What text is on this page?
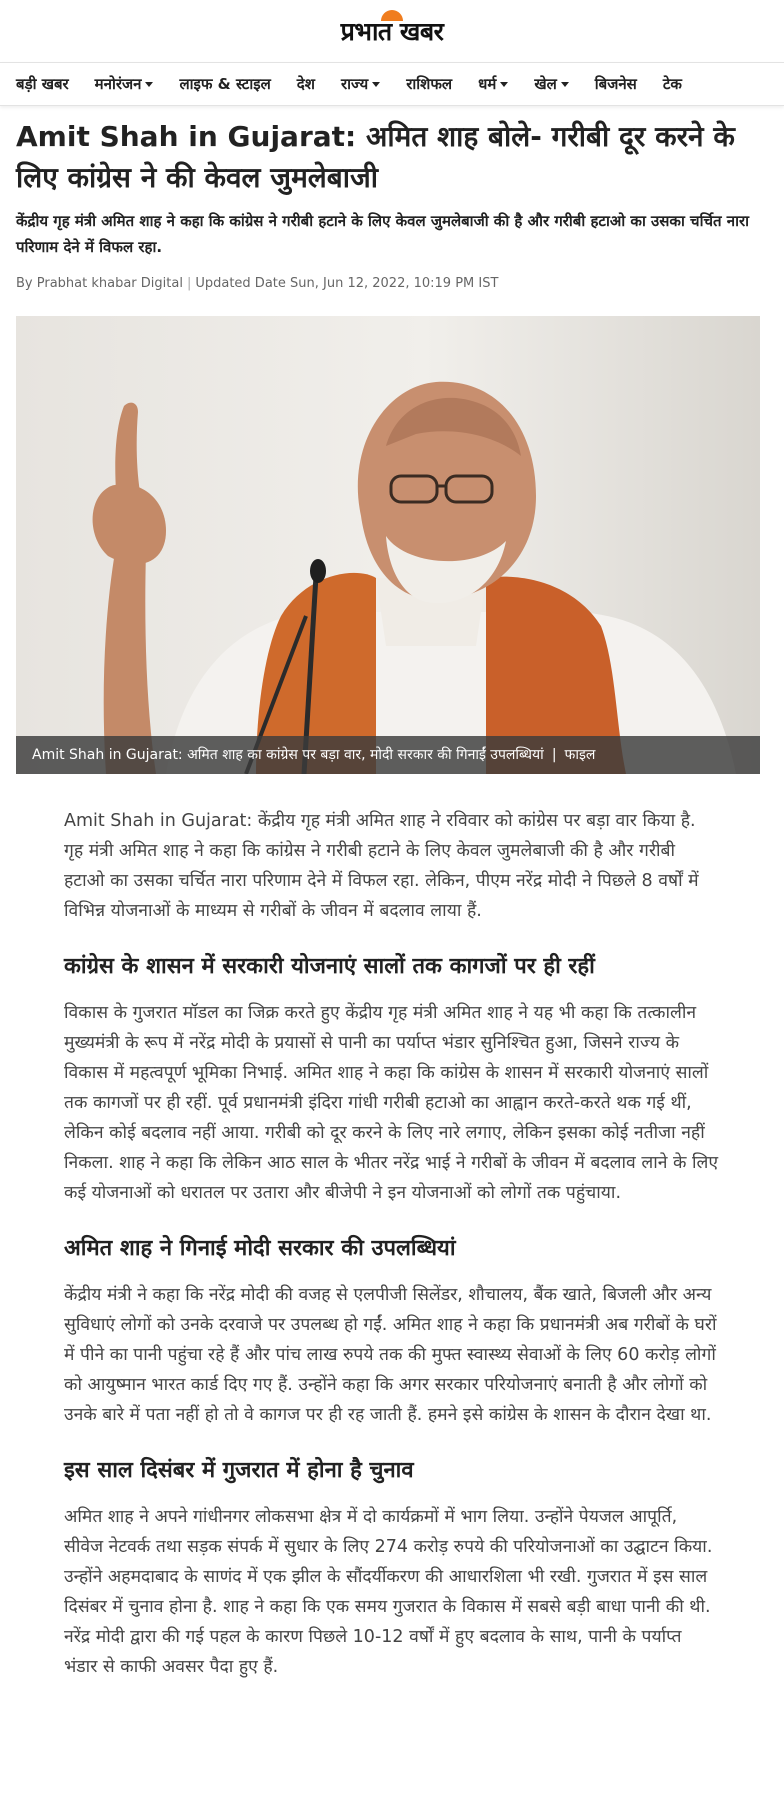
प्रभात खबर
बड़ी खबर मनोरंजन	लाइफ & स्टाइल देश राज्य	राशिफल धर्म	खेल	बिजनेस टेक
Amit Shah in Gujarat: अमित शाह बोले- गरीबी दूर करने के लिए कांग्रेस ने की केवल जुमलेबाजी

केंद्रीय गृह मंत्री अमित शाह ने कहा कि कांग्रेस ने गरीबी हटाने के लिए केवल जुमलेबाजी की है और गरीबी हटाओ का उसका चर्चित नारा परिणाम देने में विफल रहा.

By Prabhat khabar Digital | Updated Date Sun, Jun 12, 2022, 10:19 PM IST
Amit Shah in Gujarat: अमित शाह का कांग्रेस पर बड़ा वार, मोदी सरकार की गिनाईं उपलब्धियां | फाइल

Amit Shah in Gujarat: केंद्रीय गृह मंत्री अमित शाह ने रविवार को कांग्रेस पर बड़ा वार किया है. गृह मंत्री अमित शाह ने कहा कि कांग्रेस ने गरीबी हटाने के लिए केवल जुमलेबाजी की है और गरीबी हटाओ का उसका चर्चित नारा परिणाम देने में विफल रहा. लेकिन, पीएम नरेंद्र मोदी ने पिछले 8 वर्षों में विभिन्न योजनाओं के माध्यम से गरीबों के जीवन में बदलाव लाया हैं.

कांग्रेस के शासन में सरकारी योजनाएं सालों तक कागजों पर ही रहीं

विकास के गुजरात मॉडल का जिक्र करते हुए केंद्रीय गृह मंत्री अमित शाह ने यह भी कहा कि तत्कालीन मुख्यमंत्री के रूप में नरेंद्र मोदी के प्रयासों से पानी का पर्याप्त भंडार सुनिश्चित हुआ, जिसने राज्य के विकास में महत्वपूर्ण भूमिका निभाई. अमित शाह ने कहा कि कांग्रेस के शासन में सरकारी योजनाएं सालों तक कागजों पर ही रहीं. पूर्व प्रधानमंत्री इंदिरा गांधी गरीबी हटाओ का आह्वान करते-करते थक गई थीं, लेकिन कोई बदलाव नहीं आया. गरीबी को दूर करने के लिए नारे लगाए, लेकिन इसका कोई नतीजा नहीं निकला. शाह ने कहा कि लेकिन आठ साल के भीतर नरेंद्र भाई ने गरीबों के जीवन में बदलाव लाने के लिए कई योजनाओं को धरातल पर उतारा और बीजेपी ने इन योजनाओं को लोगों तक पहुंचाया.

अमित शाह ने गिनाई मोदी सरकार की उपलब्धियां

केंद्रीय मंत्री ने कहा कि नरेंद्र मोदी की वजह से एलपीजी सिलेंडर, शौचालय, बैंक खाते, बिजली और अन्य सुविधाएं लोगों को उनके दरवाजे पर उपलब्ध हो गईं. अमित शाह ने कहा कि प्रधानमंत्री अब गरीबों के घरों में पीने का पानी पहुंचा रहे हैं और पांच लाख रुपये तक की मुफ्त स्वास्थ्य सेवाओं के लिए 60 करोड़ लोगों को आयुष्मान भारत कार्ड दिए गए हैं. उन्होंने कहा कि अगर सरकार परियोजनाएं बनाती है और लोगों को उनके बारे में पता नहीं हो तो वे कागज पर ही रह जाती हैं. हमने इसे कांग्रेस के शासन के दौरान देखा था.

इस साल दिसंबर में गुजरात में होना है चुनाव

अमित शाह ने अपने गांधीनगर लोकसभा क्षेत्र में दो कार्यक्रमों में भाग लिया. उन्होंने पेयजल आपूर्ति, सीवेज नेटवर्क तथा सड़क संपर्क में सुधार के लिए 274 करोड़ रुपये की परियोजनाओं का उद्घाटन किया. उन्होंने अहमदाबाद के साणंद में एक झील के सौंदर्यीकरण की आधारशिला भी रखी. गुजरात में इस साल दिसंबर में चुनाव होना है. शाह ने कहा कि एक समय गुजरात के विकास में सबसे बड़ी बाधा पानी की थी. नरेंद्र मोदी द्वारा की गई पहल के कारण पिछले 10-12 वर्षों में हुए बदलाव के साथ, पानी के पर्याप्त भंडार से काफी अवसर पैदा हुए हैं.
